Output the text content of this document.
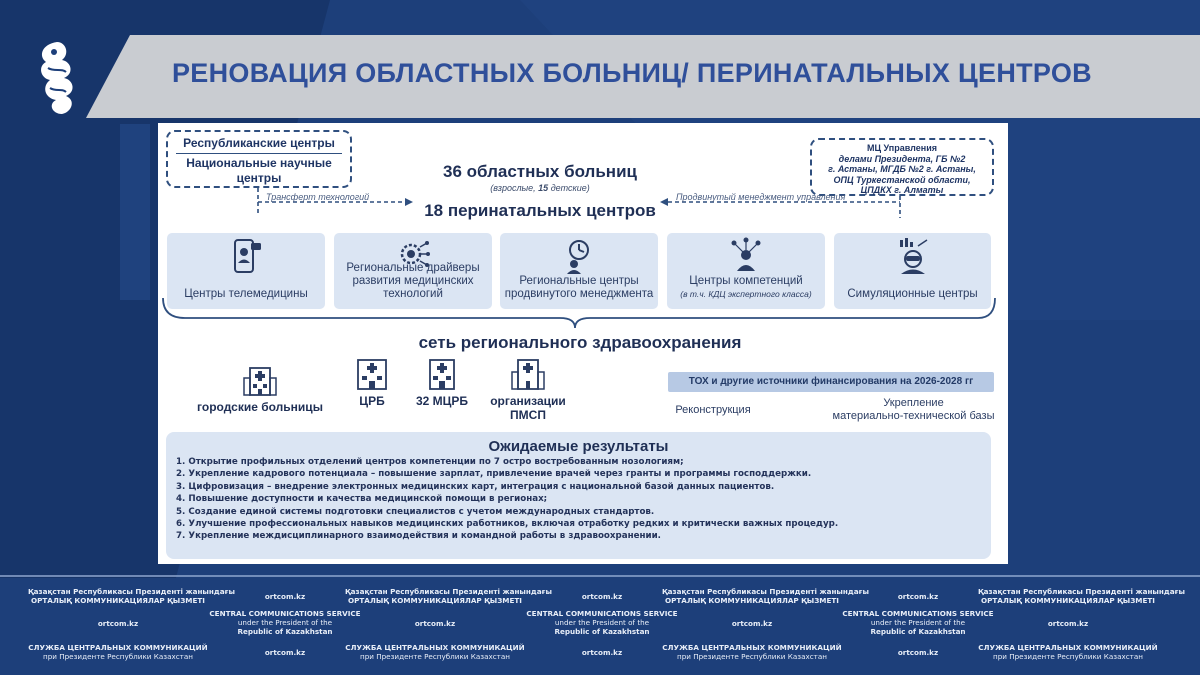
РЕНОВАЦИЯ ОБЛАСТНЫХ БОЛЬНИЦ/ ПЕРИНАТАЛЬНЫХ ЦЕНТРОВ
Республиканские центры
Национальные научные
центры
МЦ Управления
делами Президента, ГБ №2
г. Астаны, МГДБ №2 г. Астаны,
ОПЦ Туркестанской области,
ЦПДКХ г. Алматы
Трансферт технологий	Продвинутый менеджмент управления
36 областных больниц
(взрослые, 15 детские)
18 перинатальных центров
Центры телемедицины
Региональные драйверы развития медицинских технологий
Региональные центры продвинутого менеджмента
Центры компетенций
(в т.ч. КДЦ экспертного класса)	Симуляционные центры
сеть регионального здравоохранения
городские больницы	ЦРБ	32 МЦРБ	организации ПМСП
ТОХ и другие источники финансирования на 2026-2028 гг
Реконструкция
Укрепление
материально-технической базы
Ожидаемые результаты
1. Открытие профильных отделений центров компетенции по 7 остро востребованным нозологиям;
2. Укрепление кадрового потенциала – повышение зарплат, привлечение врачей через гранты и программы господдержки.
3. Цифровизация – внедрение электронных медицинских карт, интеграция с национальной базой данных пациентов.
4. Повышение доступности и качества медицинской помощи в регионах;
5. Создание единой системы подготовки специалистов с учетом международных стандартов.
6. Улучшение профессиональных навыков медицинских работников, включая отработку редких и критически важных процедур.
7. Укрепление междисциплинарного взаимодействия и командной работы в здравоохранении.
Қазақстан Республикасы Президенті жанындағы
ОРТАЛЫҚ КОММУНИКАЦИЯЛАР ҚЫЗМЕТІ	ortcom.kz
Қазақстан Республикасы Президенті жанындағы
ОРТАЛЫҚ КОММУНИКАЦИЯЛАР ҚЫЗМЕТІ	ortcom.kz
Қазақстан Республикасы Президенті жанындағы
ОРТАЛЫҚ КОММУНИКАЦИЯЛАР ҚЫЗМЕТІ	ortcom.kz
Қазақстан Республикасы Президенті жанындағы
ОРТАЛЫҚ КОММУНИКАЦИЯЛАР ҚЫЗМЕТІ
ortcom.kz
CENTRAL COMMUNICATIONS SERVICE
under the President of the
Republic of Kazakhstan
ortcom.kz
CENTRAL COMMUNICATIONS SERVICE
under the President of the
Republic of Kazakhstan
ortcom.kz
CENTRAL COMMUNICATIONS SERVICE
under the President of the
Republic of Kazakhstan
ortcom.kz
СЛУЖБА ЦЕНТРАЛЬНЫХ КОММУНИКАЦИЙ
при Президенте Республики Казахстан	ortcom.kz
СЛУЖБА ЦЕНТРАЛЬНЫХ КОММУНИКАЦИЙ
при Президенте Республики Казахстан	ortcom.kz
СЛУЖБА ЦЕНТРАЛЬНЫХ КОММУНИКАЦИЙ
при Президенте Республики Казахстан	ortcom.kz
СЛУЖБА ЦЕНТРАЛЬНЫХ КОММУНИКАЦИЙ
при Президенте Республики Казахстан
